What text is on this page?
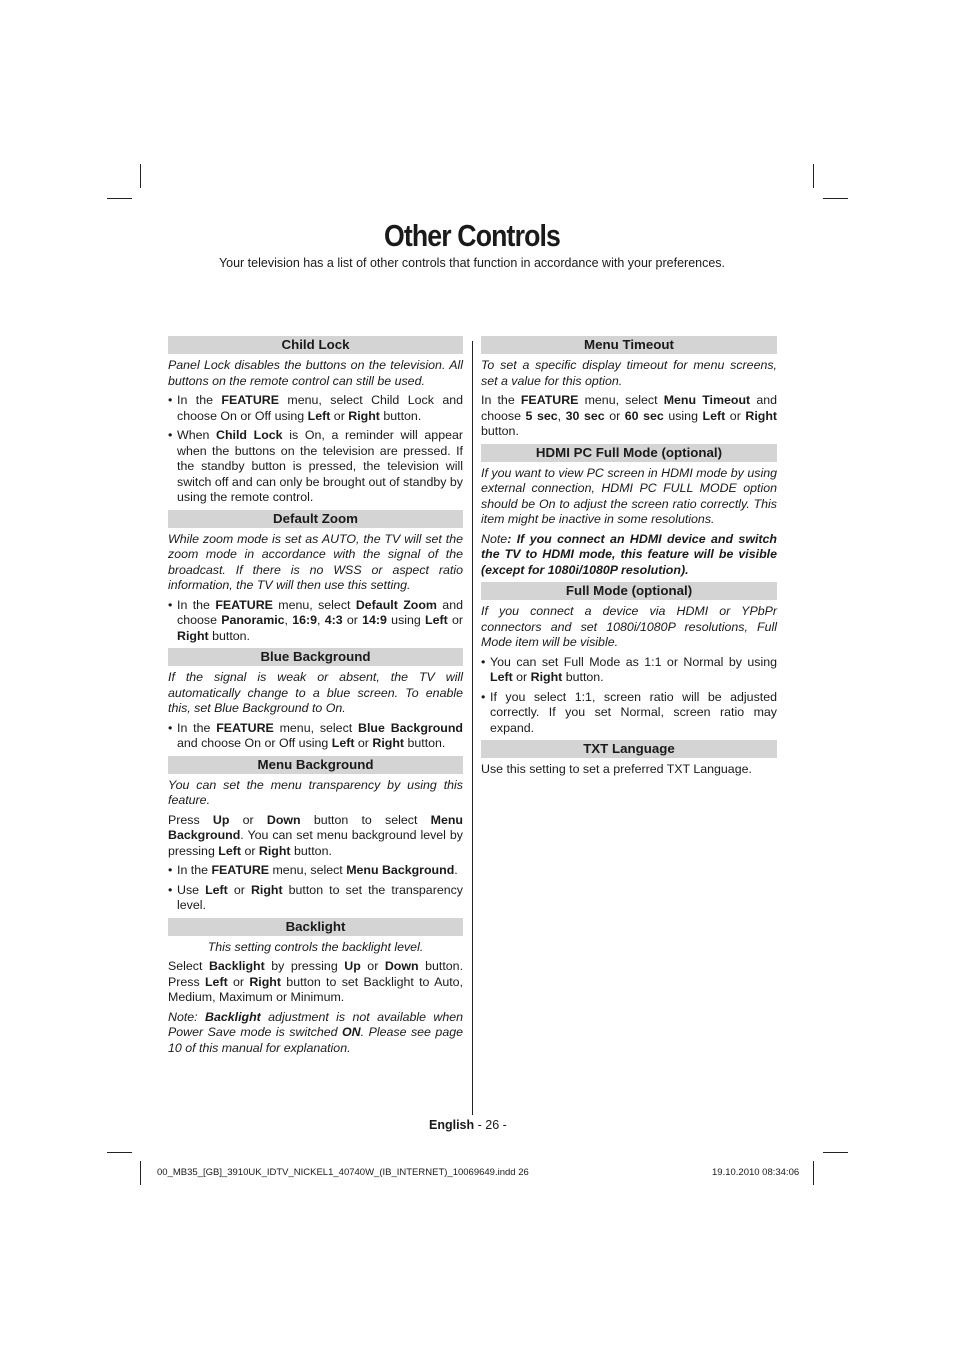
Other Controls
Your television has a list of other controls that function in accordance with your preferences.
Child Lock

Panel Lock disables the buttons on the television. All buttons on the remote control can still be used.

• In the FEATURE menu, select Child Lock and choose On or Off using Left or Right button.
• When Child Lock is On, a reminder will appear when the buttons on the television are pressed. If the standby button is pressed, the television will switch off and can only be brought out of standby by using the remote control.
Default Zoom

While zoom mode is set as AUTO, the TV will set the zoom mode in accordance with the signal of the broadcast. If there is no WSS or aspect ratio information, the TV will then use this setting.

• In the FEATURE menu, select Default Zoom and choose Panoramic, 16:9, 4:3 or 14:9 using Left or Right button.
Blue Background

If the signal is weak or absent, the TV will automatically change to a blue screen. To enable this, set Blue Background to On.

• In the FEATURE menu, select Blue Background and choose On or Off using Left or Right button.
Menu Background

You can set the menu transparency by using this feature.

Press Up or Down button to select Menu Background. You can set menu background level by pressing Left or Right button.

• In the FEATURE menu, select Menu Background.
• Use Left or Right button to set the transparency level.
Backlight

This setting controls the backlight level.

Select Backlight by pressing Up or Down button. Press Left or Right button to set Backlight to Auto, Medium, Maximum or Minimum.

Note: Backlight adjustment is not available when Power Save mode is switched ON. Please see page 10 of this manual for explanation.

Menu Timeout

To set a specific display timeout for menu screens, set a value for this option.

In the FEATURE menu, select Menu Timeout and choose 5 sec, 30 sec or 60 sec using Left or Right button.

HDMI PC Full Mode (optional)

If you want to view PC screen in HDMI mode by using external connection, HDMI PC FULL MODE option should be On to adjust the screen ratio correctly. This item might be inactive in some resolutions.

Note: If you connect an HDMI device and switch the TV to HDMI mode, this feature will be visible (except for 1080i/1080P resolution).

Full Mode (optional)

If you connect a device via HDMI or YPbPr connectors and set 1080i/1080P resolutions, Full Mode item will be visible.

• You can set Full Mode as 1:1 or Normal by using Left or Right button.
• If you select 1:1, screen ratio will be adjusted correctly. If you set Normal, screen ratio may expand.
TXT Language

Use this setting to set a preferred TXT Language.

English - 26 -
00_MB35_[GB]_3910UK_IDTV_NICKEL1_40740W_(IB_INTERNET)_10069649.indd 26	19.10.2010 08:34:06
